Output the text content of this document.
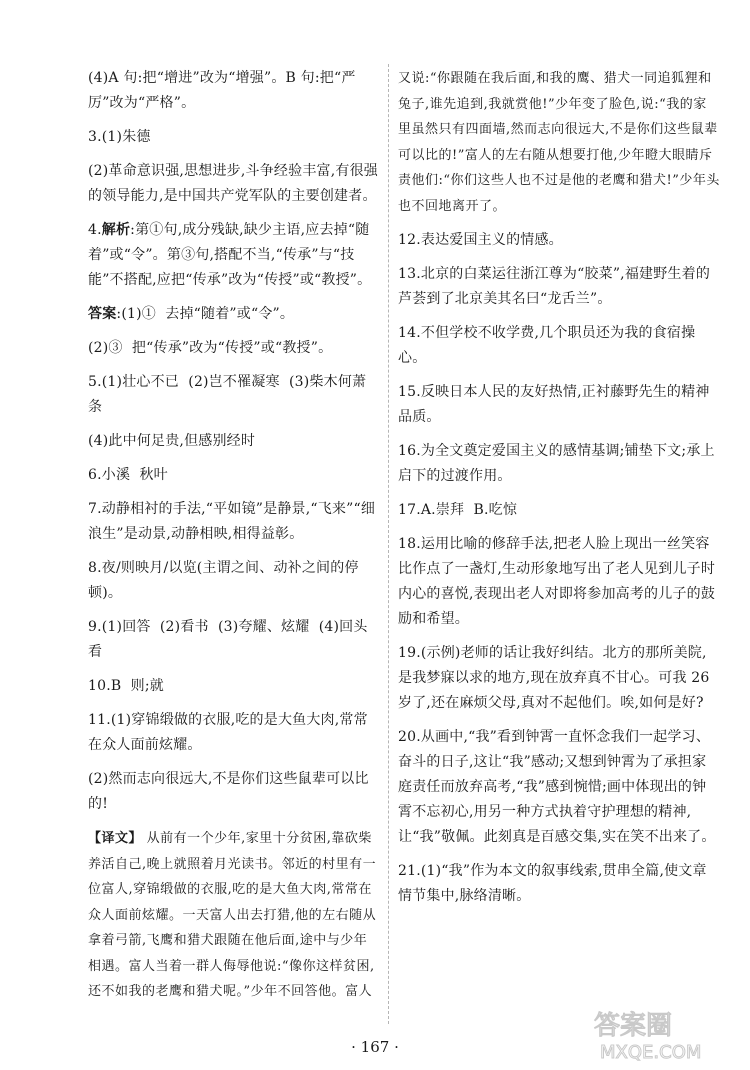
(4)A 句:把“增进”改为“增强”。B 句:把“严厉”改为“严格”。

3.(1)朱德

(2)革命意识强,思想进步,斗争经验丰富,有很强的领导能力,是中国共产党军队的主要创建者。

4.解析:第①句,成分残缺,缺少主语,应去掉“随着”或“令”。第③句,搭配不当,“传承”与“技能”不搭配,应把“传承”改为“传授”或“教授”。

答案:(1)①  去掉“随着”或“令”。

(2)③  把“传承”改为“传授”或“教授”。

5.(1)壮心不已  (2)岂不罹凝寒  (3)柴木何萧条

(4)此中何足贵,但感别经时

6.小溪  秋叶

7.动静相衬的手法,“平如镜”是静景,“飞来”“细浪生”是动景,动静相映,相得益彰。

8.夜/则映月/以览(主谓之间、动补之间的停顿)。

9.(1)回答  (2)看书  (3)夸耀、炫耀  (4)回头看

10.B  则;就

11.(1)穿锦缎做的衣服,吃的是大鱼大肉,常常在众人面前炫耀。

(2)然而志向很远大,不是你们这些鼠辈可以比的!

【译文】 从前有一个少年,家里十分贫困,靠砍柴养活自己,晚上就照着月光读书。邻近的村里有一位富人,穿锦缎做的衣服,吃的是大鱼大肉,常常在众人面前炫耀。一天富人出去打猎,他的左右随从拿着弓箭,飞鹰和猎犬跟随在他后面,途中与少年相遇。富人当着一群人侮辱他说:“像你这样贫困,还不如我的老鹰和猎犬呢。”少年不回答他。富人

又说:“你跟随在我后面,和我的鹰、猎犬一同追狐狸和兔子,谁先追到,我就赏他!”少年变了脸色,说:“我的家里虽然只有四面墙,然而志向很远大,不是你们这些鼠辈可以比的!”富人的左右随从想要打他,少年瞪大眼睛斥责他们:“你们这些人也不过是他的老鹰和猎犬!”少年头也不回地离开了。

12.表达爱国主义的情感。

13.北京的白菜运往浙江尊为“胶菜”,福建野生着的芦荟到了北京美其名曰“龙舌兰”。

14.不但学校不收学费,几个职员还为我的食宿操心。

15.反映日本人民的友好热情,正衬藤野先生的精神品质。

16.为全文奠定爱国主义的感情基调;铺垫下文;承上启下的过渡作用。

17.A.崇拜  B.吃惊

18.运用比喻的修辞手法,把老人脸上现出一丝笑容比作点了一盏灯,生动形象地写出了老人见到儿子时内心的喜悦,表现出老人对即将参加高考的儿子的鼓励和希望。

19.(示例)老师的话让我好纠结。北方的那所美院,是我梦寐以求的地方,现在放弃真不甘心。可我 26 岁了,还在麻烦父母,真对不起他们。唉,如何是好?

20.从画中,“我”看到钟霄一直怀念我们一起学习、奋斗的日子,这让“我”感动;又想到钟霄为了承担家庭责任而放弃高考,“我”感到惋惜;画中体现出的钟霄不忘初心,用另一种方式执着守护理想的精神,让“我”敬佩。此刻真是百感交集,实在笑不出来了。

21.(1)“我”作为本文的叙事线索,贯串全篇,使文章情节集中,脉络清晰。

· 167 ·
答案圈
MXQE.COM
